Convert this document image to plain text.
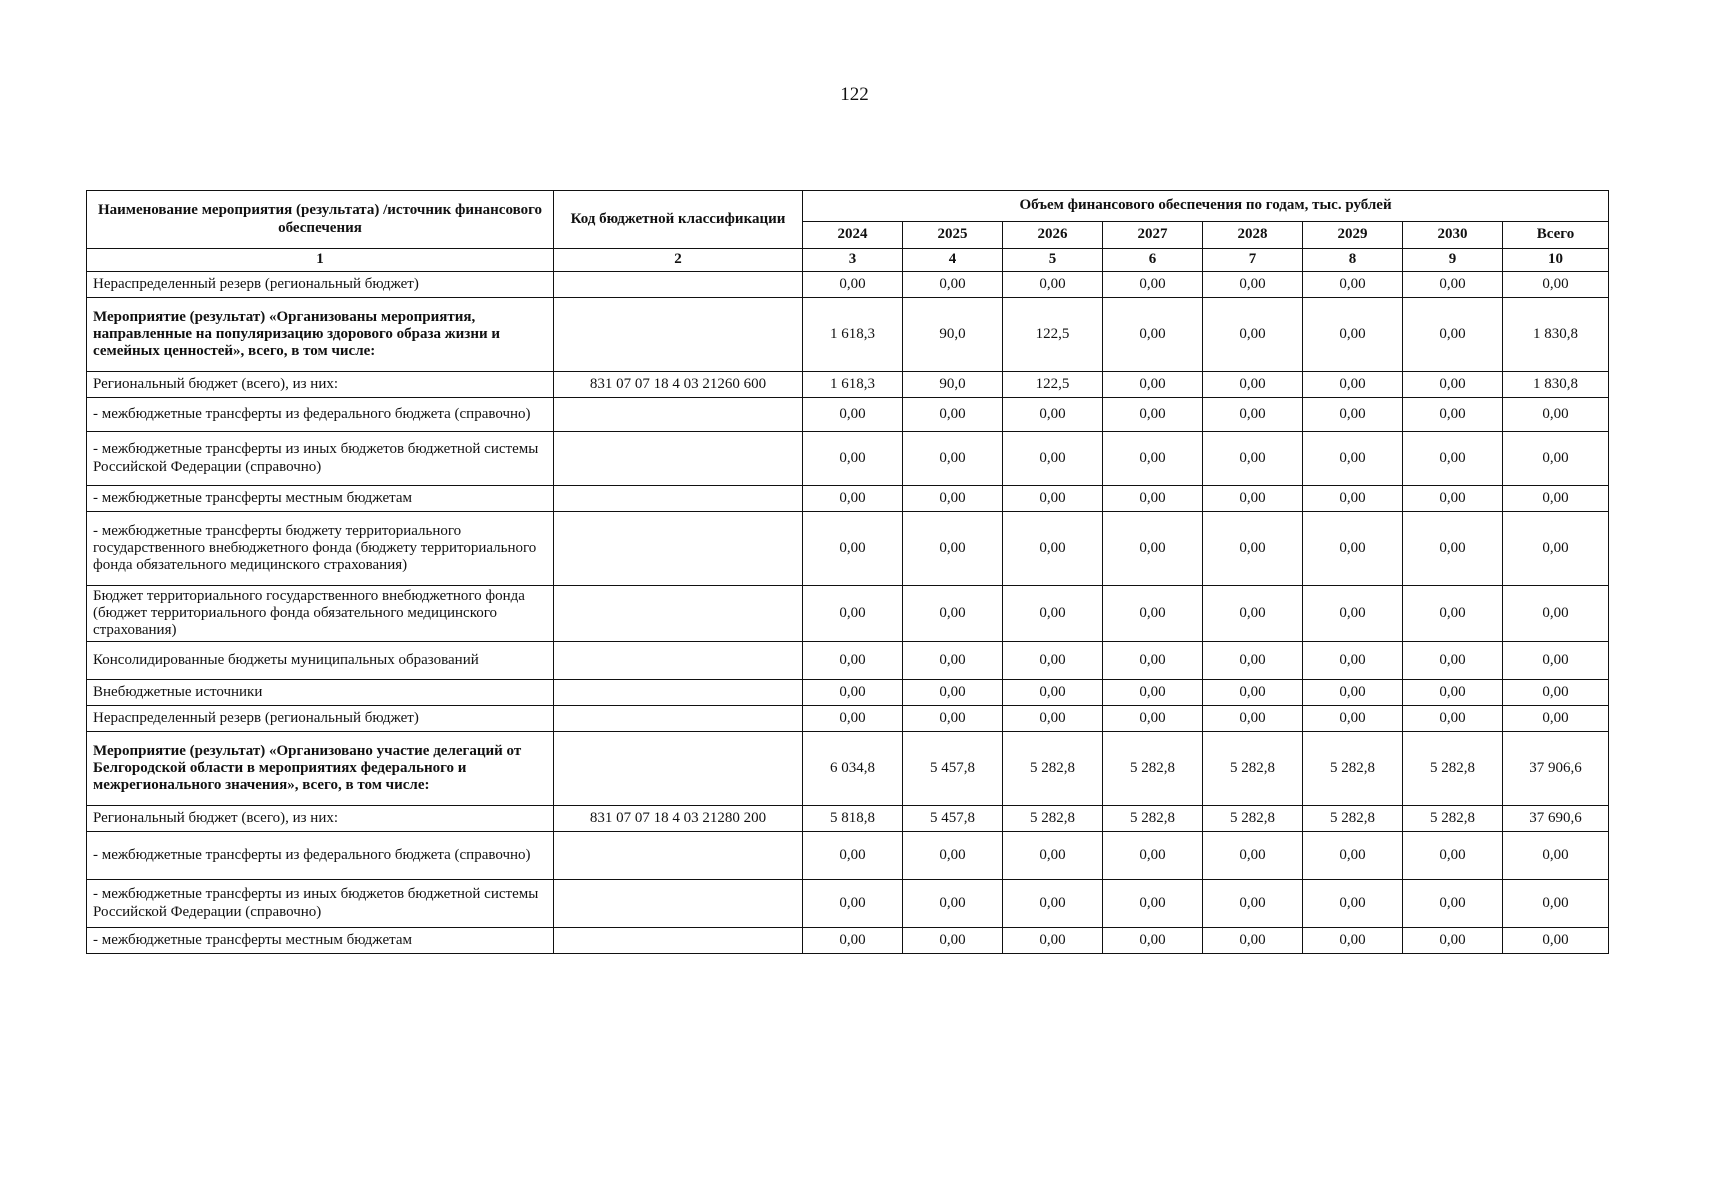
122
Наименование мероприятия (результата) /источник финансового обеспечения	Код бюджетной классификации	Объем финансового обеспечения по годам, тыс. рублей							
		2024	2025	2026	2027	2028	2029	2030	Всего
1	2	3	4	5	6	7	8	9	10
Нераспределенный резерв (региональный бюджет)		0,00	0,00	0,00	0,00	0,00	0,00	0,00	0,00
Мероприятие (результат) «Организованы мероприятия, направленные на популяризацию здорового образа жизни и семейных ценностей», всего, в том числе:		1 618,3	90,0	122,5	0,00	0,00	0,00	0,00	1 830,8
Региональный бюджет (всего), из них:	831 07 07 18 4 03 21260 600	1 618,3	90,0	122,5	0,00	0,00	0,00	0,00	1 830,8
- межбюджетные трансферты из федерального бюджета (справочно)		0,00	0,00	0,00	0,00	0,00	0,00	0,00	0,00
- межбюджетные трансферты из иных бюджетов бюджетной системы Российской Федерации (справочно)		0,00	0,00	0,00	0,00	0,00	0,00	0,00	0,00
- межбюджетные трансферты местным бюджетам		0,00	0,00	0,00	0,00	0,00	0,00	0,00	0,00
- межбюджетные трансферты бюджету территориального государственного внебюджетного фонда (бюджету территориального фонда обязательного медицинского страхования)		0,00	0,00	0,00	0,00	0,00	0,00	0,00	0,00
Бюджет территориального государственного внебюджетного фонда (бюджет территориального фонда обязательного медицинского страхования)		0,00	0,00	0,00	0,00	0,00	0,00	0,00	0,00
Консолидированные бюджеты муниципальных образований		0,00	0,00	0,00	0,00	0,00	0,00	0,00	0,00
Внебюджетные источники		0,00	0,00	0,00	0,00	0,00	0,00	0,00	0,00
Нераспределенный резерв (региональный бюджет)		0,00	0,00	0,00	0,00	0,00	0,00	0,00	0,00
Мероприятие (результат) «Организовано участие делегаций от Белгородской области в мероприятиях федерального и межрегионального значения», всего, в том числе:		6 034,8	5 457,8	5 282,8	5 282,8	5 282,8	5 282,8	5 282,8	37 906,6
Региональный бюджет (всего), из них:	831 07 07 18 4 03 21280 200	5 818,8	5 457,8	5 282,8	5 282,8	5 282,8	5 282,8	5 282,8	37 690,6
- межбюджетные трансферты из федерального бюджета (справочно)		0,00	0,00	0,00	0,00	0,00	0,00	0,00	0,00
- межбюджетные трансферты из иных бюджетов бюджетной системы Российской Федерации (справочно)		0,00	0,00	0,00	0,00	0,00	0,00	0,00	0,00
- межбюджетные трансферты местным бюджетам		0,00	0,00	0,00	0,00	0,00	0,00	0,00	0,00
